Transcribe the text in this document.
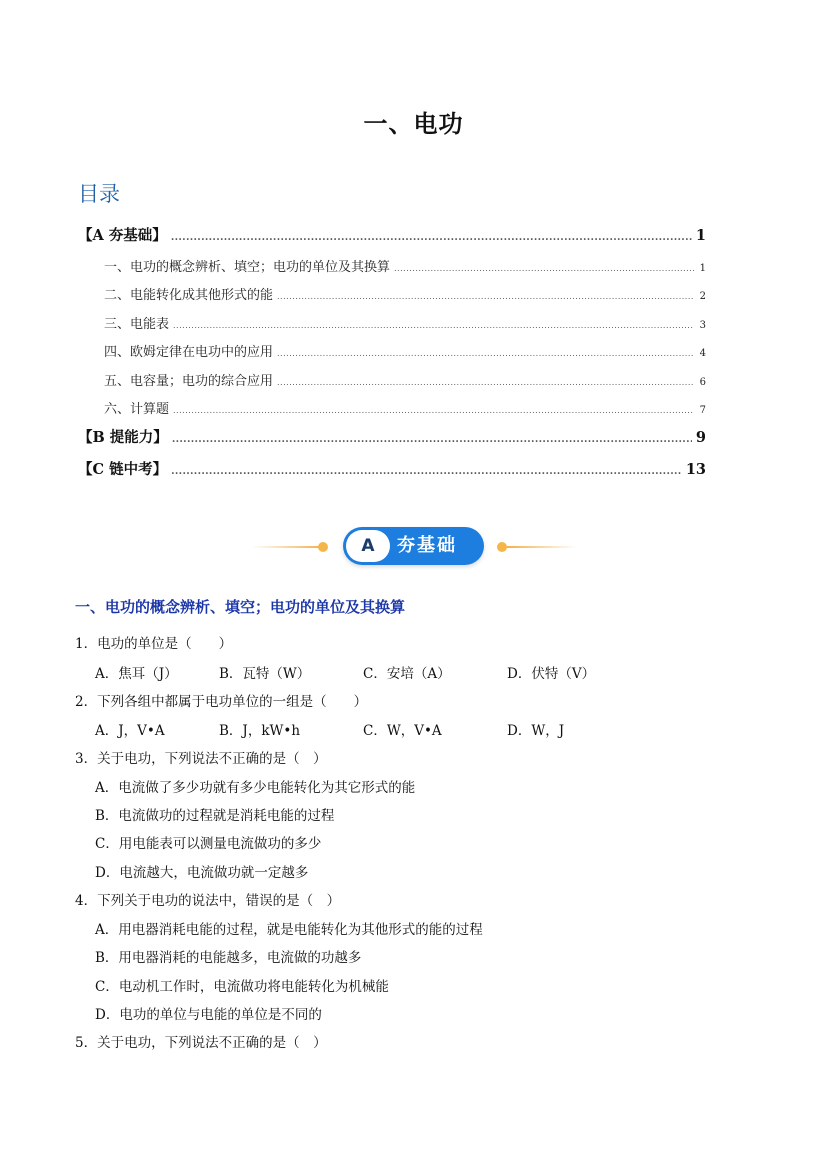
一、电功
目录
【A 夯基础】 .....	1
一、电功的概念辨析、填空；电功的单位及其换算 .....	1
二、电能转化成其他形式的能 .....	2
三、电能表 .....	3
四、欧姆定律在电功中的应用 .....	4
五、电容量；电功的综合应用 .....	6
六、计算题 .....	7
【B 提能力】 .....	9
【C 链中考】 .....	13
A	夯基础
一、电功的概念辨析、填空；电功的单位及其换算
1．电功的单位是（　　）
A．焦耳（J）	B．瓦特（W）	C．安培（A）	D．伏特（V）
2．下列各组中都属于电功单位的一组是（　　）
A．J，V•A	B．J，kW•h	C．W，V•A	D．W，J
3．关于电功，下列说法不正确的是（　）
A．电流做了多少功就有多少电能转化为其它形式的能
B．电流做功的过程就是消耗电能的过程
C．用电能表可以测量电流做功的多少
D．电流越大，电流做功就一定越多
4．下列关于电功的说法中，错误的是（　）
A．用电器消耗电能的过程，就是电能转化为其他形式的能的过程
B．用电器消耗的电能越多，电流做的功越多
C．电动机工作时，电流做功将电能转化为机械能
D．电功的单位与电能的单位是不同的
5．关于电功，下列说法不正确的是（　）
